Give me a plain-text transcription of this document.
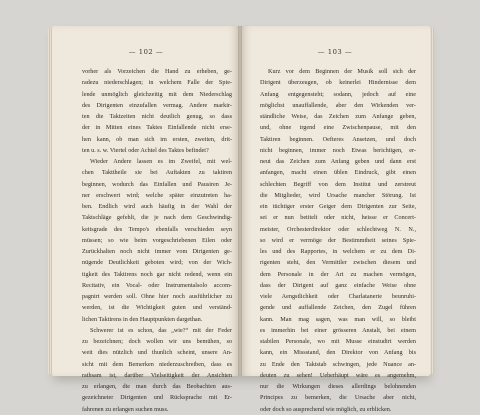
— 102 —
vorher als Vorzeichen die Hand zu erheben, ge-
radezu niederschlagen; in welchem Falle der Spie-
lende unmöglich gleichzeitig mit dem Niederschlag
des Dirigenten einzufallen vermag. Andere markir-
ten die Taktzeiten nicht deutlich genug, so dass
der in Mitten eines Taktes Einfallende nicht erse-
hen kann, ob man sich im ersten, zweiten, drit-
ten u. s. w. Viertel oder Achtel des Taktes befindet?
Wieder Andere lassen es im Zweifel, mit wel-
chen Takttheile sie bei Auftakten zu taktiren
beginnen, wodurch das Einfallen und Pausiren Je-
ner erschwert wird; welche später einzutreten ha-
ben. Endlich wird auch häufig in der Wahl der
Taktschläge gefehlt, die je nach dem Geschwindig-
keitsgrade des Tempo's ebenfalls verschieden seyn
müssen; so wie beim vorgeschriebenen Eilen oder
Zurückhalten noch nicht immer vom Dirigenten ge-
nügende Deutlichkeit geboten wird; von der Wich-
tigkeit des Taktirens noch gar nicht redend, wenn ein
Recitativ, ein Vocal- oder Instrumentalsolo accom-
pagnirt werden soll. Ohne hier noch ausführlicher zu
werden, ist die Wichtigkeit guten und verständ-
lichen Taktirens in den Hauptpunkten dargethan.
Schwerer ist es schon, das „wie?“ mit der Feder
zu bezeichnen; doch wollen wir uns bemühen, so
weit dies nützlich und thunlich scheint, unsere An-
sicht mit dem Bemerken niederzuschreiben, dass es
rathsam ist, darüber Vielseitigkeit der Ansichten
zu erlangen, die man durch das Beobachten aus-
gezeichneter Dirigenten und Rücksprache mit Er-
fahrenen zu erlangen suchen muss.
— 103 —
Kurz vor dem Beginnen der Musik soll sich der
Dirigent überzeugen, ob keinerlei Hindernisse dem
Anfang entgegensteht; sodann, jedoch auf eine
möglichst unauffallende, aber den Wirkenden ver-
ständliche Weise, das Zeichen zum Anfange geben,
und, ohne irgend eine Zwischenpause, mit den
Taktiren beginnen. Oefteres Ansetzen, und doch
nicht beginnen, immer noch Etwas berichtigen, er-
neut das Zeichen zum Anfang geben und dann erst
anfangen, macht einen üblen Eindruck, gibt einen
schlechten Begriff von dem Institut und zerstreut
die Mitglieder, wird Ursache mancher Störung. Ist
ein tüchtiger erster Geiger dem Dirigenten zur Seite,
sei er nun betitelt oder nicht, heisse er Concert-
meister, Orchesterdirektor oder schlechtweg N. N.,
so wird er vermöge der Bestimmtheit seines Spie-
les und des Rapportes, in welchem er zu dem Di-
rigenten steht, den Vermittler zwischen diesem und
dem Personale in der Art zu machen vermögen,
dass der Dirigent auf ganz einfache Weise ohne
viele Aengstlichkeit oder Charlatanerie beunruhi-
gende und auffallende Zeichen, den Zugel führen
kann. Man mag sagen, was man will, so bleibt
es immerhin bei einer grösseren Anstalt, bei einem
stabilen Personale, wo mit Musse einstudirt werden
kann, ein Missstand, den Direktor von Anfang bis
zu Ende den Taktstab schwingen, jede Nuance an-
deuten zu sehen! Ueberhäupt wäre es angemehm,
nur die Wirkungen dieses allerdings belohnenden
Principes zu bemerken, die Ursache aber nicht,
oder doch so ausprechend wie möglich, zu erblicken.
